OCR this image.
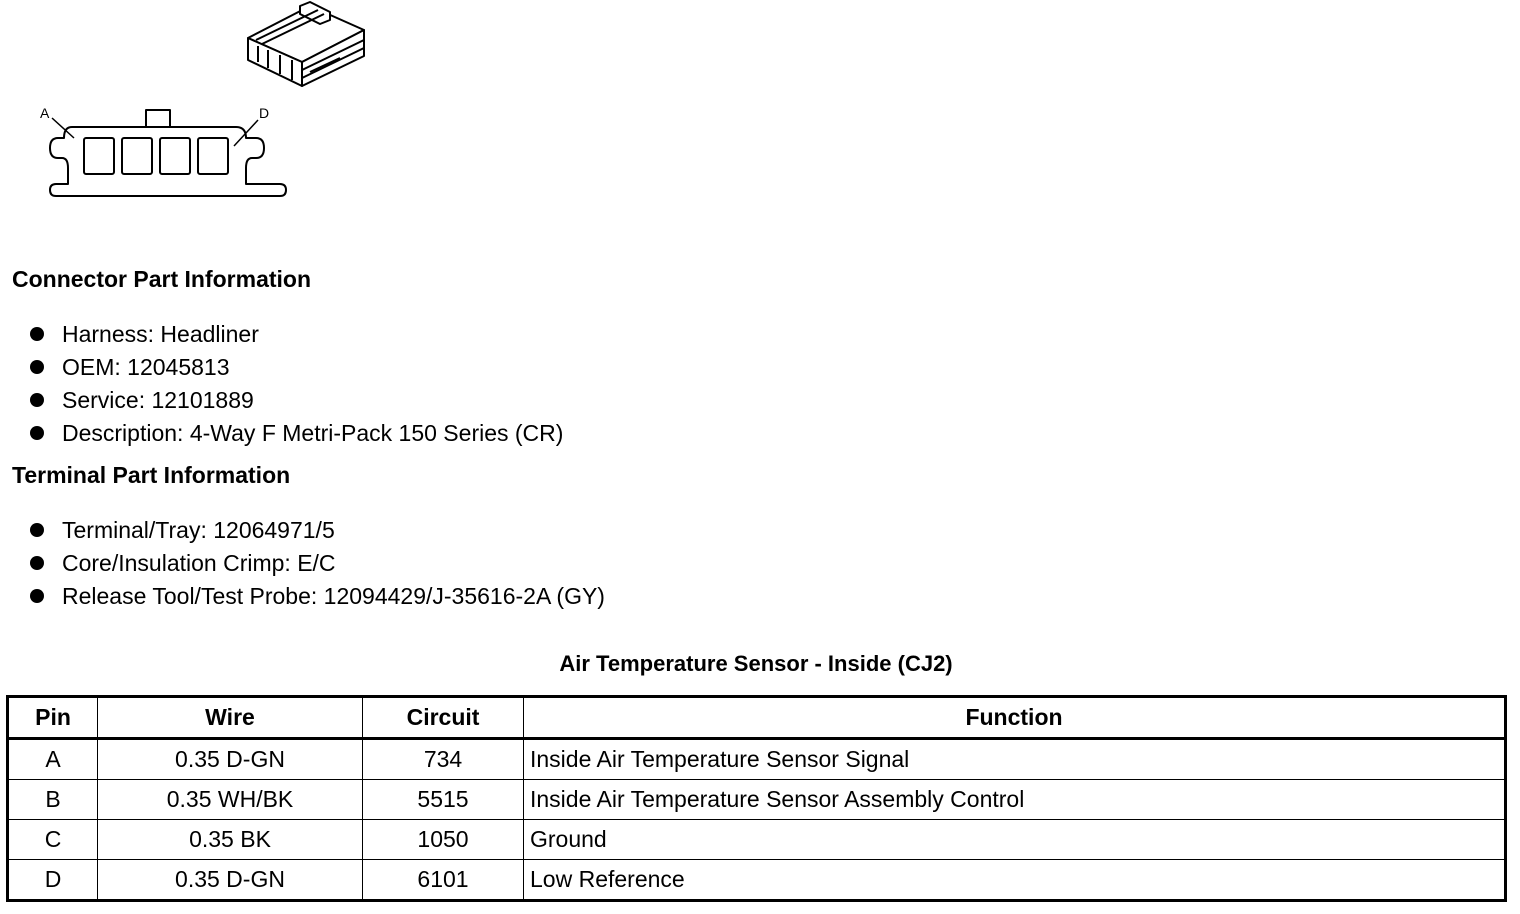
A	D
Connector Part Information
Harness: Headliner
OEM: 12045813
Service: 12101889
Description: 4-Way F Metri-Pack 150 Series (CR)
Terminal Part Information
Terminal/Tray: 12064971/5
Core/Insulation Crimp: E/C
Release Tool/Test Probe: 12094429/J-35616-2A (GY)
Air Temperature Sensor - Inside (CJ2)
Pin	Wire	Circuit	Function
A	0.35 D-GN	734	Inside Air Temperature Sensor Signal
B	0.35 WH/BK	5515	Inside Air Temperature Sensor Assembly Control
C	0.35 BK	1050	Ground
D	0.35 D-GN	6101	Low Reference
